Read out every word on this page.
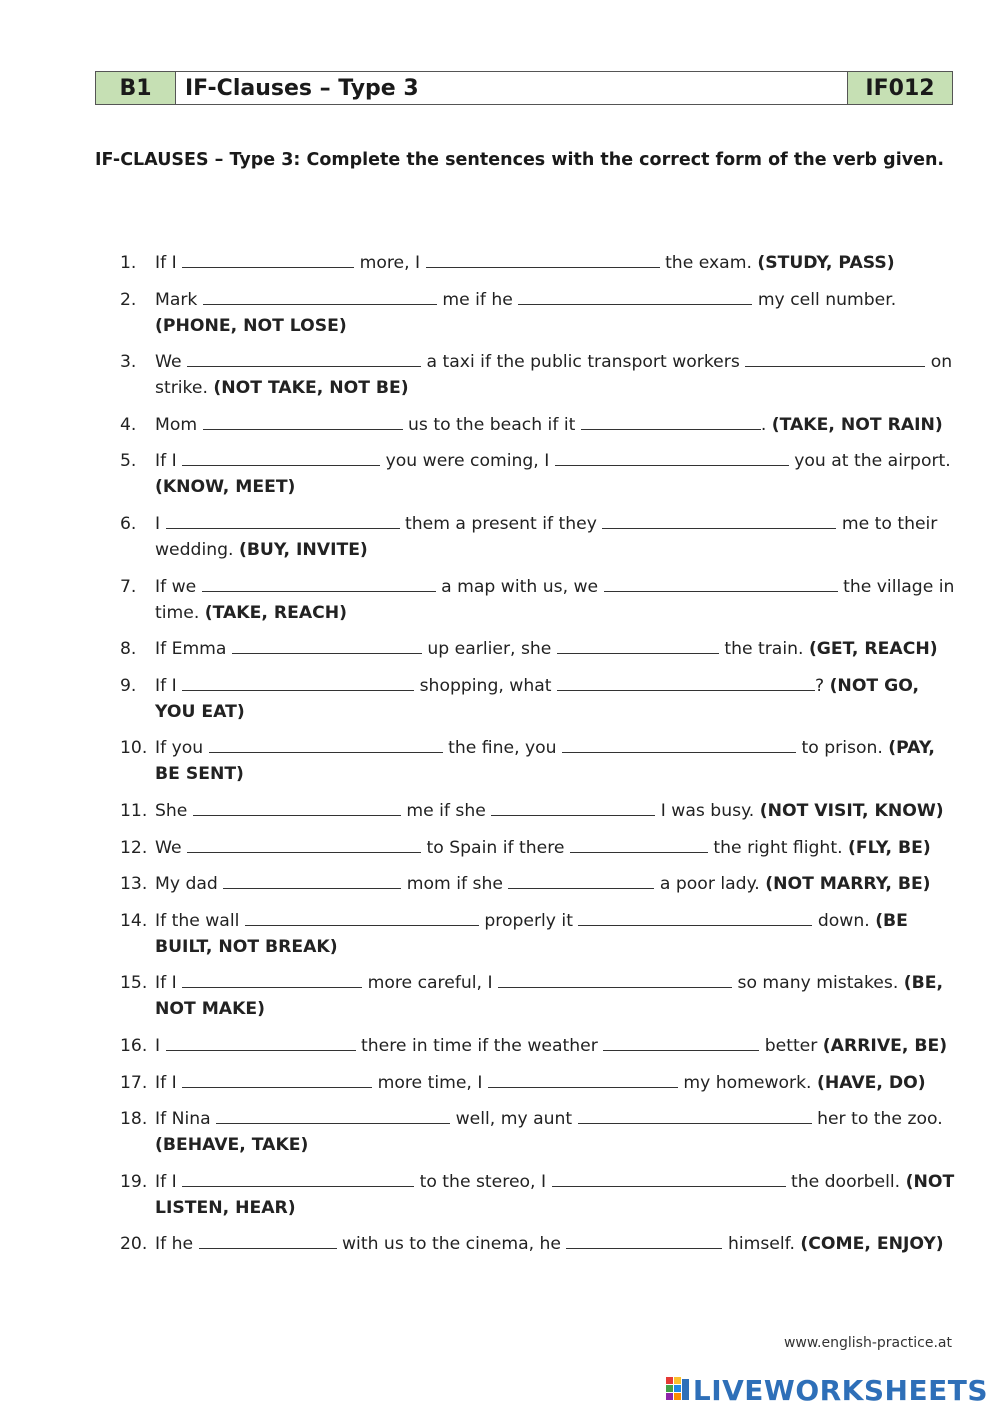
B1	IF-Clauses – Type 3	IF012
IF-CLAUSES – Type 3: Complete the sentences with the correct form of the verb given.
1.	If I	more, I	the exam. (STUDY, PASS)
2.	Mark	me if he	my cell number. (PHONE, NOT LOSE)
3.	We	a taxi if the public transport workers	on strike. (NOT TAKE, NOT BE)
4.	Mom	us to the beach if it	. (TAKE, NOT RAIN)
5.	If I	you were coming, I	you at the airport. (KNOW, MEET)
6.	I	them a present if they	me to their wedding. (BUY, INVITE)
7.	If we	a map with us, we	the village in time. (TAKE, REACH)
8.	If Emma	up earlier, she	the train. (GET, REACH)
9.	If I	shopping, what	? (NOT GO, YOU EAT)
10. If you	the fine, you	to prison. (PAY, BE SENT)
11. She	me if she	I was busy. (NOT VISIT, KNOW)
12. We	to Spain if there	the right flight. (FLY, BE)
13. My dad	mom if she	a poor lady. (NOT MARRY, BE)
14. If the wall	properly it	down. (BE BUILT, NOT BREAK)
15. If I	more careful, I	so many mistakes. (BE, NOT MAKE)
16. I	there in time if the weather	better (ARRIVE, BE)
17. If I	more time, I	my homework. (HAVE, DO)
18. If Nina	well, my aunt	her to the zoo. (BEHAVE, TAKE)
19. If I	to the stereo, I	the doorbell. (NOT LISTEN, HEAR)
20. If he	with us to the cinema, he	himself. (COME, ENJOY)
www.english-practice.at
LIVEWORKSHEETS
